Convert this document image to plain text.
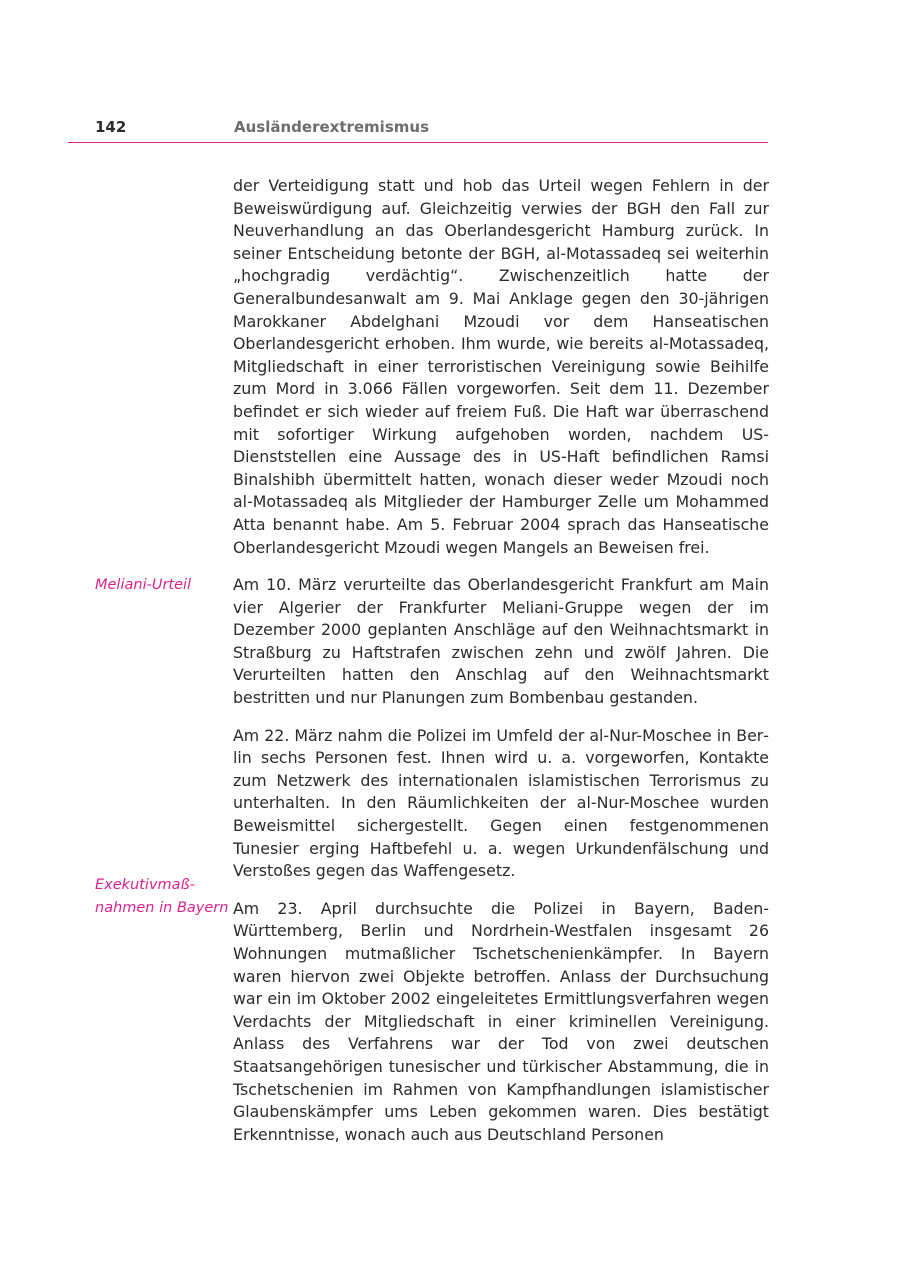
142	Ausländerextremismus
Meliani-Urteil
Exekutivmaß-
nahmen in Bayern

der Verteidigung statt und hob das Urteil wegen Fehlern in der Beweiswürdigung auf. Gleichzeitig verwies der BGH den Fall zur Neuverhandlung an das Oberlandesgericht Hamburg zurück. In seiner Entscheidung betonte der BGH, al-Motassadeq sei weiterhin „hochgradig verdächtig“. Zwischenzeitlich hatte der Generalbundesanwalt am 9. Mai Anklage gegen den 30-jährigen Marokkaner Abdelghani Mzoudi vor dem Hanseatischen Oberlandesgericht erhoben. Ihm wurde, wie bereits al-Motassadeq, Mitgliedschaft in einer terroristischen Vereinigung sowie Beihilfe zum Mord in 3.066 Fällen vorgeworfen. Seit dem 11. Dezember befindet er sich wieder auf freiem Fuß. Die Haft war überraschend mit sofortiger Wirkung aufgehoben worden, nachdem US-Dienststellen eine Aussage des in US-Haft befindlichen Ramsi Binalshibh übermittelt hatten, wonach dieser weder Mzoudi noch al-Motassadeq als Mitglieder der Hamburger Zelle um Mohammed Atta benannt habe. Am 5. Februar 2004 sprach das Hanseatische Oberlandesgericht Mzoudi wegen Mangels an Beweisen frei.

Am 10. März verurteilte das Oberlandesgericht Frankfurt am Main vier Algerier der Frankfurter Meliani-Gruppe wegen der im Dezember 2000 geplanten Anschläge auf den Weihnachtsmarkt in Straßburg zu Haftstrafen zwischen zehn und zwölf Jahren. Die Verurteilten hatten den Anschlag auf den Weihnachtsmarkt bestritten und nur Planungen zum Bombenbau gestanden.

Am 22. März nahm die Polizei im Umfeld der al-Nur-Moschee in Berlin sechs Personen fest. Ihnen wird u. a. vorgeworfen, Kontakte zum Netzwerk des internationalen islamistischen Terrorismus zu unterhalten. In den Räumlichkeiten der al-Nur-Moschee wurden Beweismittel sichergestellt. Gegen einen festgenommenen Tunesier erging Haftbefehl u. a. wegen Urkundenfälschung und Verstoßes gegen das Waffengesetz.

Am 23. April durchsuchte die Polizei in Bayern, Baden-Württemberg, Berlin und Nordrhein-Westfalen insgesamt 26 Wohnungen mutmaßlicher Tschetschenienkämpfer. In Bayern waren hiervon zwei Objekte betroffen. Anlass der Durchsuchung war ein im Oktober 2002 eingeleitetes Ermittlungsverfahren wegen Verdachts der Mitgliedschaft in einer kriminellen Vereinigung. Anlass des Verfahrens war der Tod von zwei deutschen Staatsangehörigen tunesischer und türkischer Abstammung, die in Tschetschenien im Rahmen von Kampfhandlungen islamistischer Glaubenskämpfer ums Leben gekommen waren. Dies bestätigt Erkenntnisse, wonach auch aus Deutschland Personen
